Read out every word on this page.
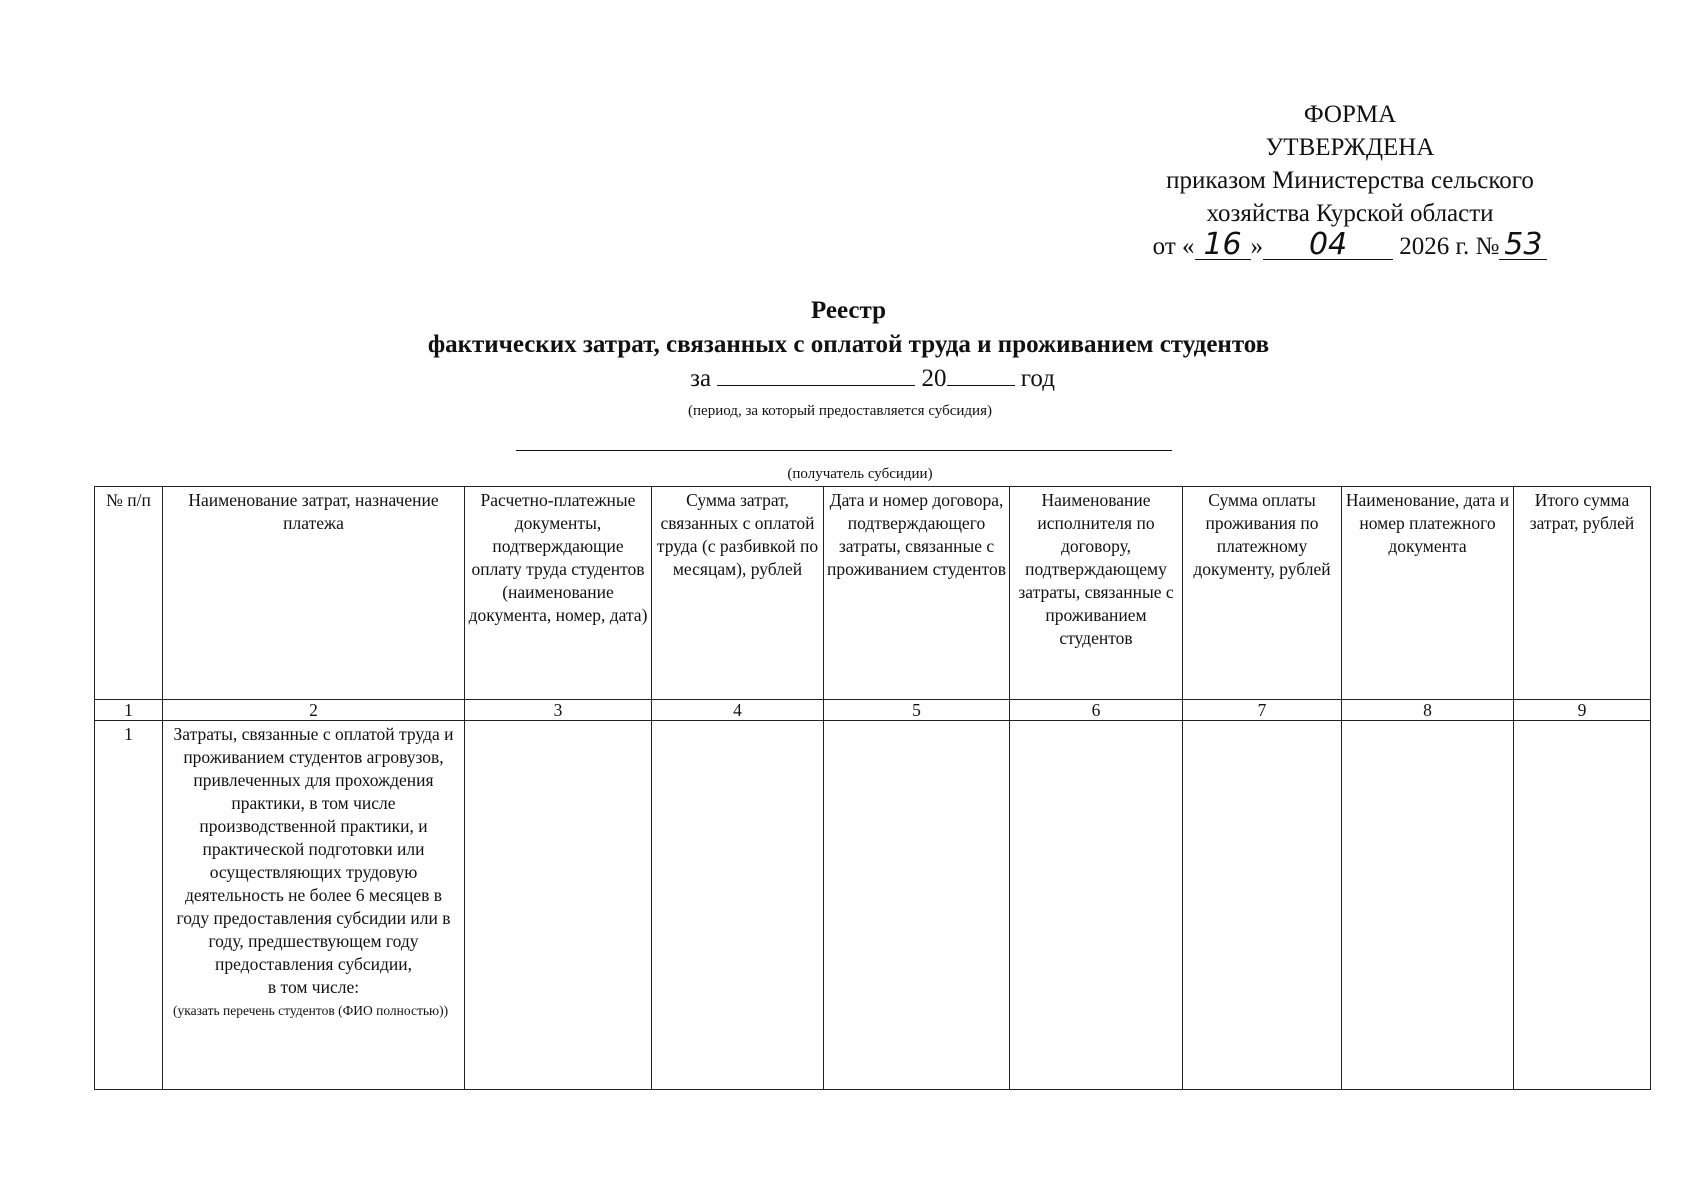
ФОРМА
УТВЕРЖДЕНА
приказом Министерства сельского
хозяйства Курской области
от « 16 » 04 2026 г. № 53
Реестр
фактических затрат, связанных с оплатой труда и проживанием студентов
за	20	год
(период, за который предоставляется субсидия)
(получатель субсидии)
№ п/п	Наименование затрат, назначение платежа	Расчетно-платежные документы, подтверждающие оплату труда студентов (наименование документа, номер, дата)	Сумма затрат, связанных с оплатой труда (с разбивкой по месяцам), рублей	Дата и номер договора, подтверждающего затраты, связанные с проживанием студентов	Наименование исполнителя по договору, подтверждающему затраты, связанные с проживанием студентов	Сумма оплаты проживания по платежному документу, рублей	Наименование, дата и номер платежного документа	Итого сумма затрат, рублей
1	2	3	4	5	6	7	8	9
1	Затраты, связанные с оплатой труда и проживанием студентов агровузов, привлеченных для прохождения практики, в том числе производственной практики, и практической подготовки или осуществляющих трудовую деятельность не более 6 месяцев в году предоставления субсидии или в году, предшествующем году предоставления субсидии,
в том числе:

(указать перечень студентов (ФИО полностью))							
